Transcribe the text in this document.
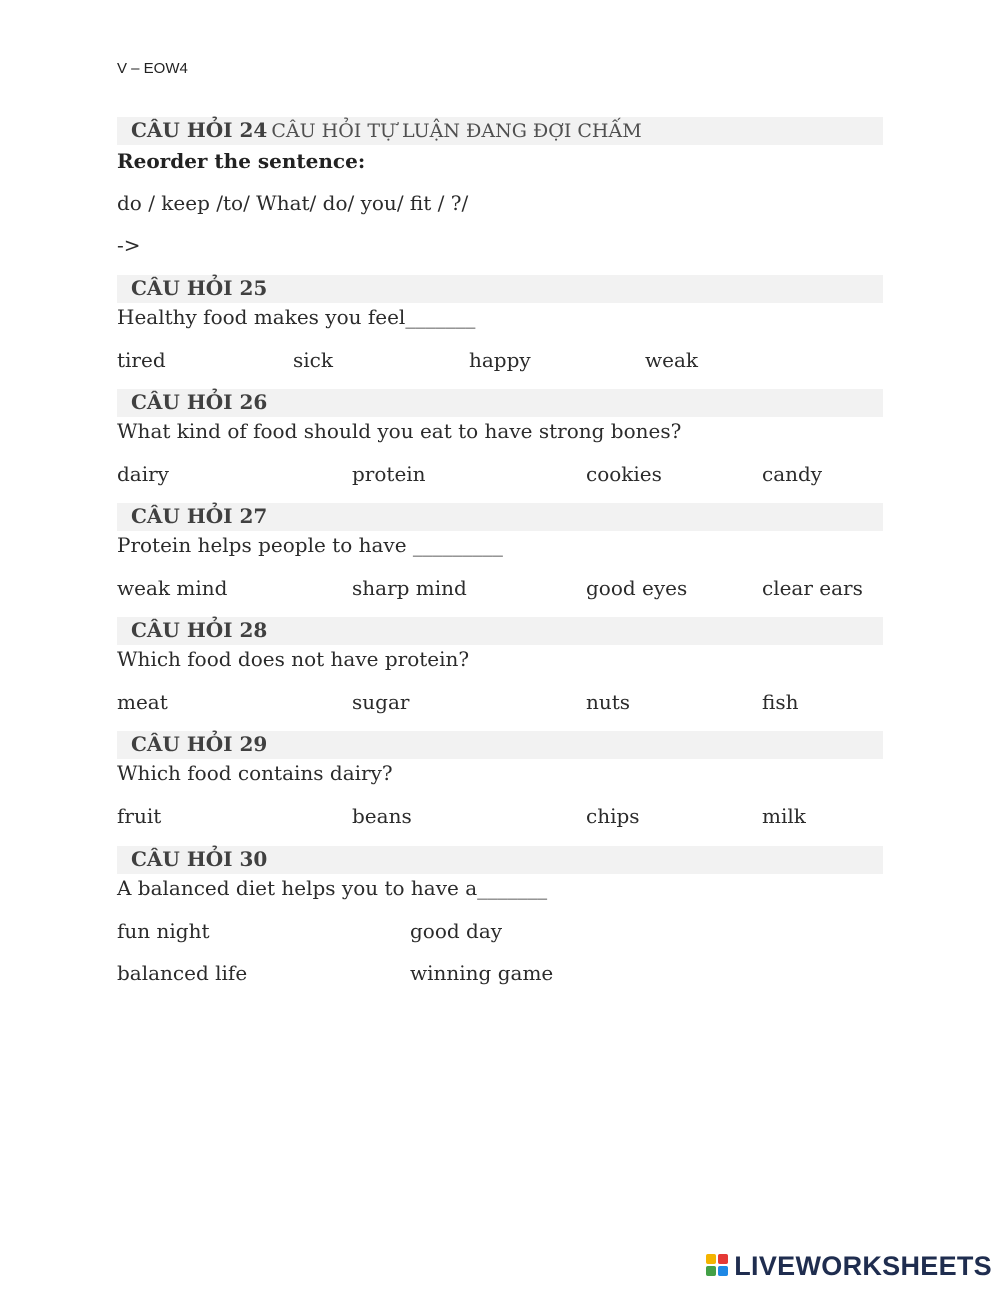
V – EOW4
CÂU HỎI 24 CÂU HỎI TỰ LUẬN ĐANG ĐỢI CHẤM
Reorder the sentence:
do / keep /to/ What/ do/ you/ fit / ?/
->
CÂU HỎI 25
Healthy food makes you feel_______
tired	sick	happy	weak
CÂU HỎI 26
What kind of food should you eat to have strong bones?
dairy	protein	cookies	candy
CÂU HỎI 27
Protein helps people to have _________
weak mind	sharp mind	good eyes	clear ears
CÂU HỎI 28
Which food does not have protein?
meat	sugar	nuts	fish
CÂU HỎI 29
Which food contains dairy?
fruit	beans	chips	milk
CÂU HỎI 30
A balanced diet helps you to have a_______
fun night	good day
balanced life	winning game
LIVEWORKSHEETS
